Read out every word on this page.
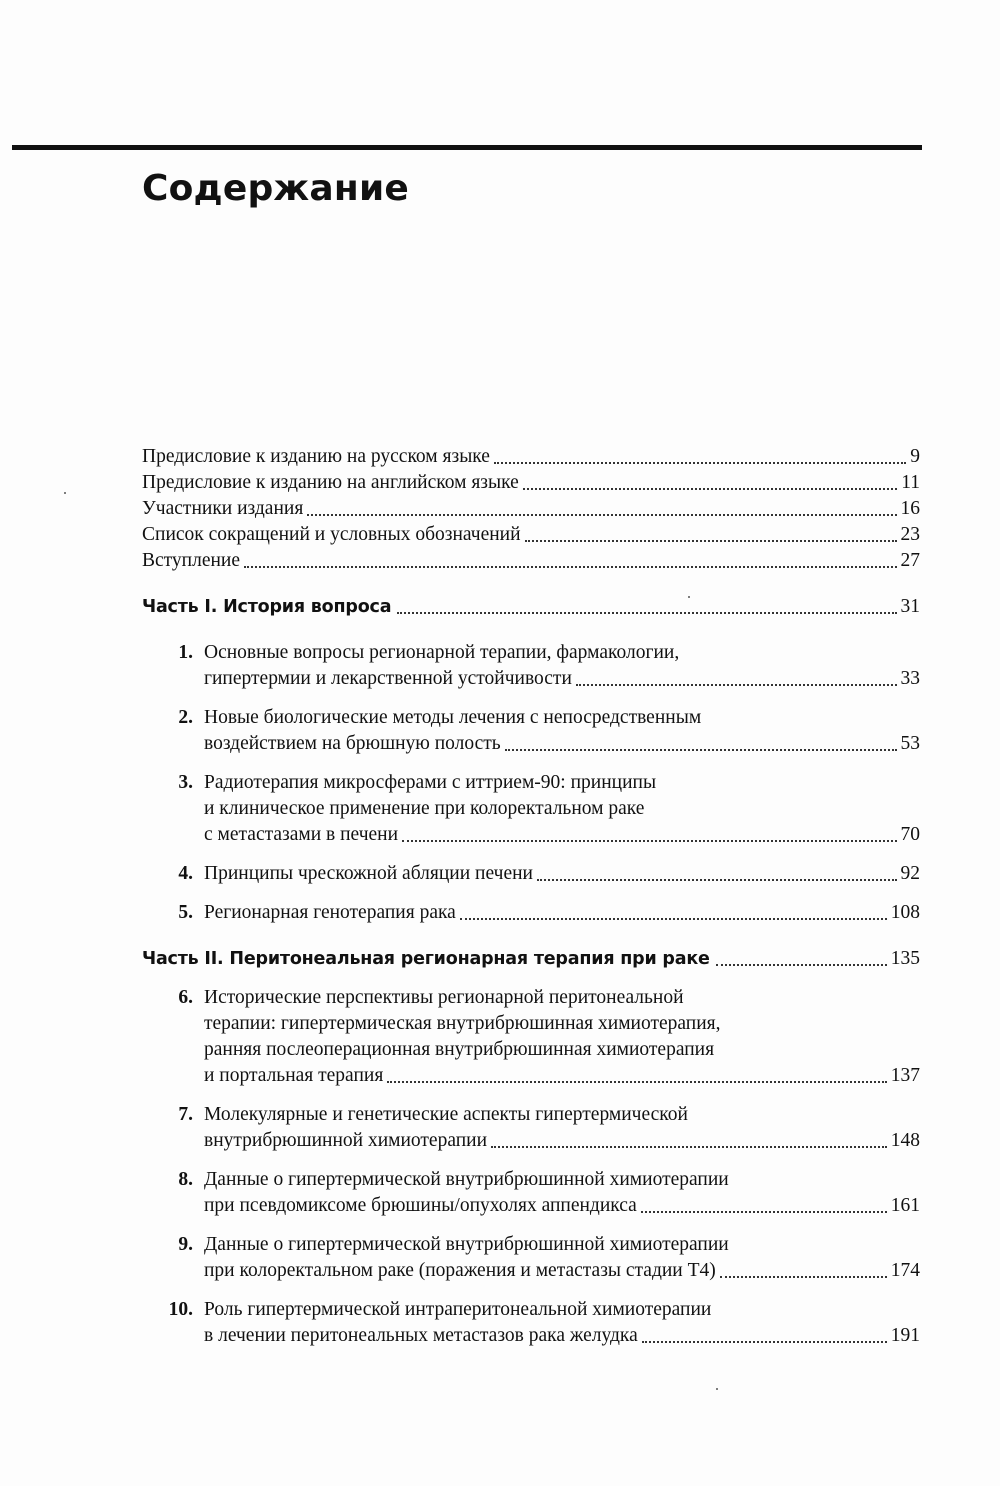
Содержание
Предисловие к изданию на русском языке	9
Предисловие к изданию на английском языке	11
Участники издания	16
Список сокращений и условных обозначений	23
Вступление	27
Часть I. История вопроса	31
1. Основные вопросы регионарной терапии, фармакологии,
гипертермии и лекарственной устойчивости	33
2. Новые биологические методы лечения с непосредственным
воздействием на брюшную полость	53
3. Радиотерапия микросферами с иттрием-90: принципы
и клиническое применение при колоректальном раке
с метастазами в печени	70
4. Принципы чрескожной абляции печени	92
5. Регионарная генотерапия рака	108
Часть II. Перитонеальная регионарная терапия при раке	135
6. Исторические перспективы регионарной перитонеальной
терапии: гипертермическая внутрибрюшинная химиотерапия,
ранняя послеоперационная внутрибрюшинная химиотерапия
и портальная терапия	137
7. Молекулярные и генетические аспекты гипертермической
внутрибрюшинной химиотерапии	148
8. Данные о гипертермической внутрибрюшинной химиотерапии
при псевдомиксоме брюшины/опухолях аппендикса	161
9. Данные о гипертермической внутрибрюшинной химиотерапии
при колоректальном раке (поражения и метастазы стадии T4)	174
10. Роль гипертермической интраперитонеальной химиотерапии
в лечении перитонеальных метастазов рака желудка	191
